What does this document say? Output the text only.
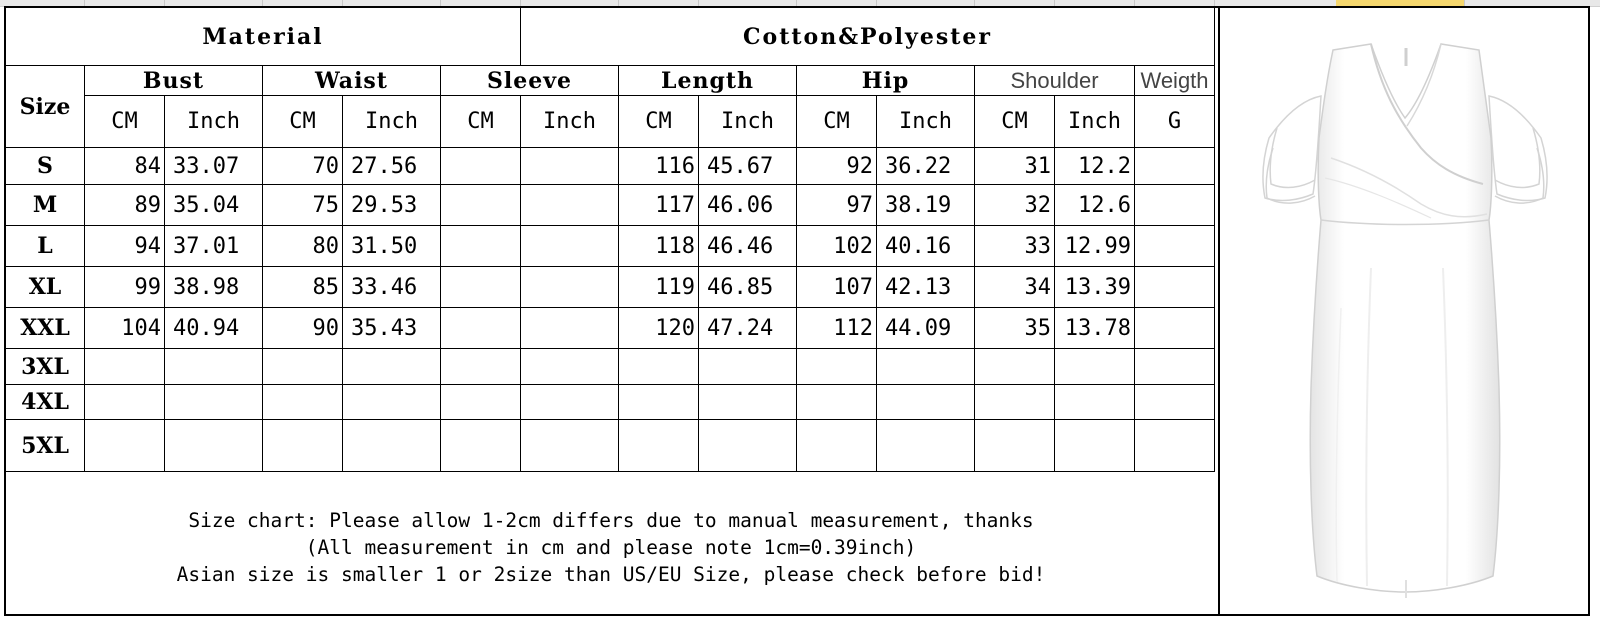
Material						Cotton&Polyester							
Size	Bust		Waist		Sleeve		Length		Hip		Shoulder		Weigth
	CM	Inch	CM	Inch	CM	Inch	CM	Inch	CM	Inch	CM	Inch	G
S	84	33.07	70	27.56			116	45.67	92	36.22	31	12.2	
M	89	35.04	75	29.53			117	46.06	97	38.19	32	12.6	
L	94	37.01	80	31.50			118	46.46	102	40.16	33	12.99	
XL	99	38.98	85	33.46			119	46.85	107	42.13	34	13.39	
XXL	104	40.94	90	35.43			120	47.24	112	44.09	35	13.78	
3XL													
4XL													
5XL													
Size chart: Please allow 1-2cm differs due to manual measurement, thanks
(All measurement in cm and please note 1cm=0.39inch)
Asian size is smaller 1 or 2size than US/EU Size, please check before bid!
